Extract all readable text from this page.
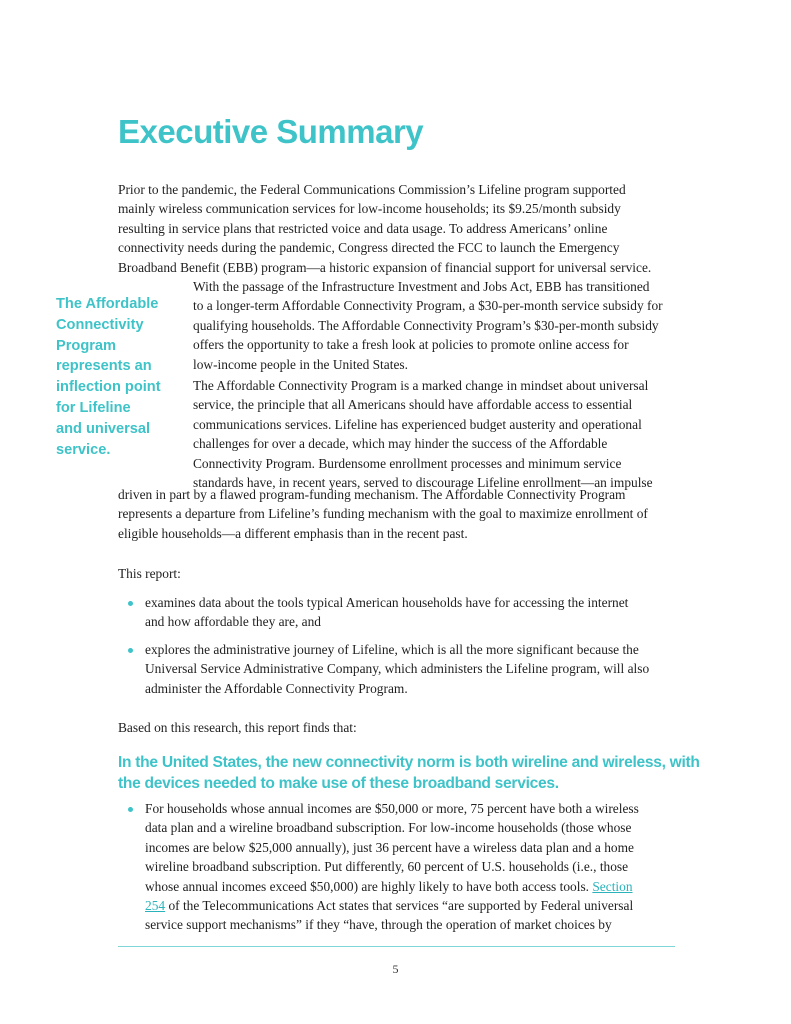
Executive Summary
Prior to the pandemic, the Federal Communications Commission’s Lifeline program supported
mainly wireless communication services for low-income households; its $9.25/month subsidy
resulting in service plans that restricted voice and data usage. To address Americans’ online
connectivity needs during the pandemic, Congress directed the FCC to launch the Emergency
Broadband Benefit (EBB) program—a historic expansion of financial support for universal service.
With the passage of the Infrastructure Investment and Jobs Act, EBB has transitioned
to a longer-term Affordable Connectivity Program, a $30-per-month service subsidy for
qualifying households. The Affordable Connectivity Program’s $30-per-month subsidy
offers the opportunity to take a fresh look at policies to promote online access for
low-income people in the United States.
The Affordable
Connectivity
Program
represents an
inflection point
for Lifeline
and universal
service.
The Affordable Connectivity Program is a marked change in mindset about universal
service, the principle that all Americans should have affordable access to essential
communications services. Lifeline has experienced budget austerity and operational
challenges for over a decade, which may hinder the success of the Affordable
Connectivity Program. Burdensome enrollment processes and minimum service
standards have, in recent years, served to discourage Lifeline enrollment—an impulse
driven in part by a flawed program-funding mechanism. The Affordable Connectivity Program
represents a departure from Lifeline’s funding mechanism with the goal to maximize enrollment of
eligible households—a different emphasis than in the recent past.
This report:
examines data about the tools typical American households have for accessing the internet
and how affordable they are, and
explores the administrative journey of Lifeline, which is all the more significant because the
Universal Service Administrative Company, which administers the Lifeline program, will also
administer the Affordable Connectivity Program.
Based on this research, this report finds that:
In the United States, the new connectivity norm is both wireline and wireless, with
the devices needed to make use of these broadband services.
For households whose annual incomes are $50,000 or more, 75 percent have both a wireless
data plan and a wireline broadband subscription. For low-income households (those whose
incomes are below $25,000 annually), just 36 percent have a wireless data plan and a home
wireline broadband subscription. Put differently, 60 percent of U.S. households (i.e., those
whose annual incomes exceed $50,000) are highly likely to have both access tools. Section
254 of the Telecommunications Act states that services “are supported by Federal universal
service support mechanisms” if they “have, through the operation of market choices by
5
